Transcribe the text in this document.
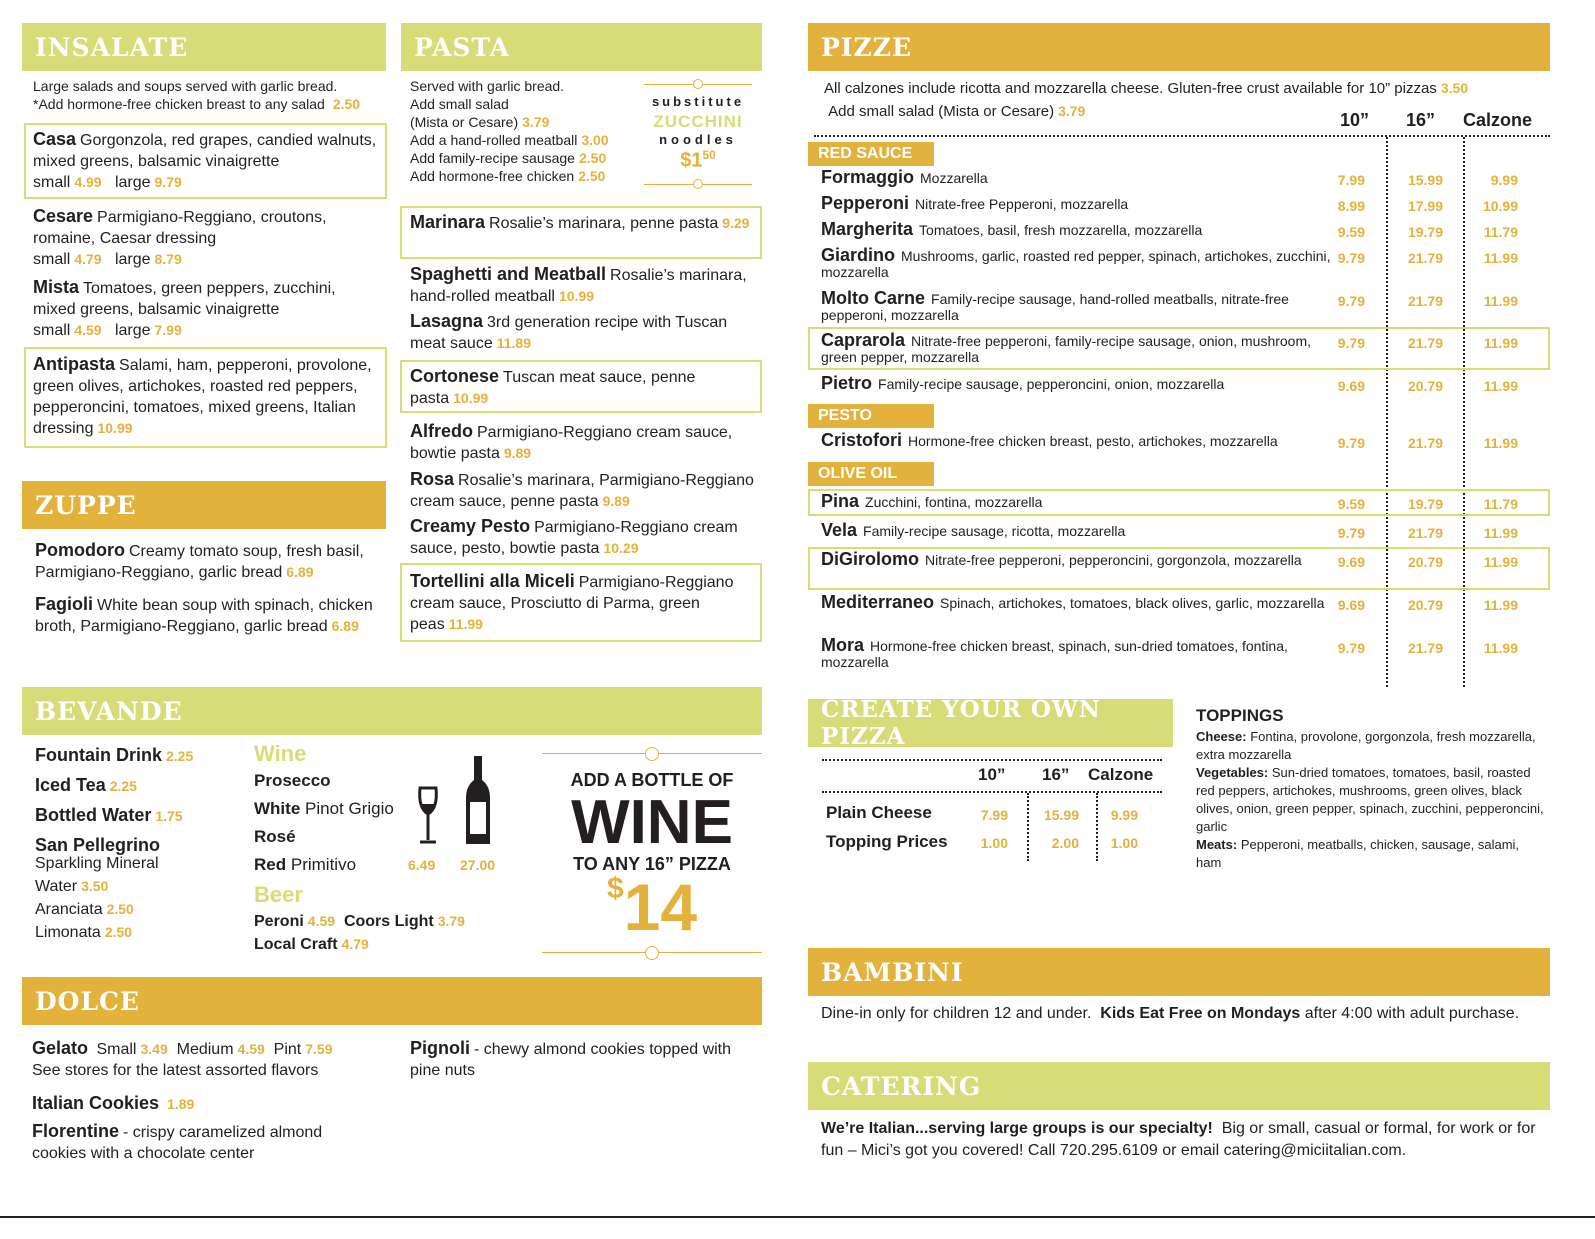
INSALATE
Large salads and soups served with garlic bread.
*Add hormone-free chicken breast to any salad 2.50
Casa Gorgonzola, red grapes, candied walnuts, mixed greens, balsamic vinaigrette
small 4.99 large 9.79
Cesare Parmigiano-Reggiano, croutons, romaine, Caesar dressing
small 4.79 large 8.79
Mista Tomatoes, green peppers, zucchini, mixed greens, balsamic vinaigrette
small 4.59 large 7.99
Antipasta Salami, ham, pepperoni, provolone, green olives, artichokes, roasted red peppers, pepperoncini, tomatoes, mixed greens, Italian dressing 10.99
ZUPPE
Pomodoro Creamy tomato soup, fresh basil, Parmigiano-Reggiano, garlic bread 6.89
Fagioli White bean soup with spinach, chicken broth, Parmigiano-Reggiano, garlic bread 6.89
PASTA
Served with garlic bread.
Add small salad
(Mista or Cesare) 3.79
Add a hand-rolled meatball 3.00
Add family-recipe sausage 2.50
Add hormone-free chicken 2.50
substitute
ZUCCHINI
noodles
$\$1^{50}$
Marinara Rosalie’s marinara, penne pasta 9.29
Spaghetti and Meatball Rosalie’s marinara, hand-rolled meatball 10.99
Lasagna 3rd generation recipe with Tuscan meat sauce 11.89
Cortonese Tuscan meat sauce, penne pasta 10.99
Alfredo Parmigiano-Reggiano cream sauce, bowtie pasta 9.89
Rosa Rosalie’s marinara, Parmigiano-Reggiano cream sauce, penne pasta 9.89
Creamy Pesto Parmigiano-Reggiano cream sauce, pesto, bowtie pasta 10.29
Tortellini alla Miceli Parmigiano-Reggiano cream sauce, Prosciutto di Parma, green peas 11.99
BEVANDE
Fountain Drink 2.25
Iced Tea 2.25
Bottled Water 1.75
San Pellegrino
Sparkling Mineral
Water 3.50
Aranciata 2.50
Limonata 2.50
Wine
Prosecco
White Pinot Grigio
Rosé
Red Primitivo	6.49 27.00
Beer
Peroni 4.59 Coors Light 3.79
Local Craft 4.79
ADD A BOTTLE OF
WINE
TO ANY 16” PIZZA
$14
DOLCE
Gelato Small 3.49 Medium 4.59 Pint 7.59
See stores for the latest assorted flavors
Italian Cookies 1.89
Florentine - crispy caramelized almond cookies with a chocolate center
Pignoli - chewy almond cookies topped with pine nuts
PIZZE
All calzones include ricotta and mozzarella cheese. Gluten-free crust available for 10” pizzas 3.50
Add small salad (Mista or Cesare) 3.79	10” 16” Calzone
RED SAUCE
PESTO
OLIVE OIL
Formaggio Mozzarella	7.99	15.99	9.99
Pepperoni Nitrate-free Pepperoni, mozzarella	8.99	17.99	10.99
Margherita Tomatoes, basil, fresh mozzarella, mozzarella	9.59	19.79	11.79
Giardino Mushrooms, garlic, roasted red pepper, spinach, artichokes, zucchini, mozzarella
9.79	21.79	11.99
Molto Carne Family-recipe sausage, hand-rolled meatballs, nitrate-free pepperoni, mozzarella
9.79	21.79	11.99
Caprarola Nitrate-free pepperoni, family-recipe sausage, onion, mushroom, green pepper, mozzarella
9.79	21.79	11.99
Pietro Family-recipe sausage, pepperoncini, onion, mozzarella	9.69	20.79	11.99
Cristofori Hormone-free chicken breast, pesto, artichokes, mozzarella	9.79	21.79	11.99
Pina Zucchini, fontina, mozzarella	9.59	19.79	11.79
Vela Family-recipe sausage, ricotta, mozzarella	9.79	21.79	11.99
DiGirolomo Nitrate-free pepperoni, pepperoncini, gorgonzola, mozzarella	9.69	20.79	11.99
Mediterraneo Spinach, artichokes, tomatoes, black olives, garlic, mozzarella 9.69	20.79	11.99
Mora Hormone-free chicken breast, spinach, sun-dried tomatoes, fontina, mozzarella
9.79	21.79	11.99
CREATE YOUR OWN PIZZA
10” 16” Calzone
Plain Cheese	7.99	15.99	9.99
Topping Prices	1.00	2.00	1.00
TOPPINGS
Cheese: Fontina, provolone, gorgonzola, fresh mozzarella, extra mozzarella
Vegetables: Sun-dried tomatoes, tomatoes, basil, roasted red peppers, artichokes, mushrooms, green olives, black olives, onion, green pepper, spinach, zucchini, pepperoncini, garlic
Meats: Pepperoni, meatballs, chicken, sausage, salami, ham
BAMBINI
Dine-in only for children 12 and under. Kids Eat Free on Mondays after 4:00 with adult purchase.
CATERING
We’re Italian...serving large groups is our specialty! Big or small, casual or formal, for work or for fun – Mici’s got you covered! Call 720.295.6109 or email catering@miciitalian.com.
